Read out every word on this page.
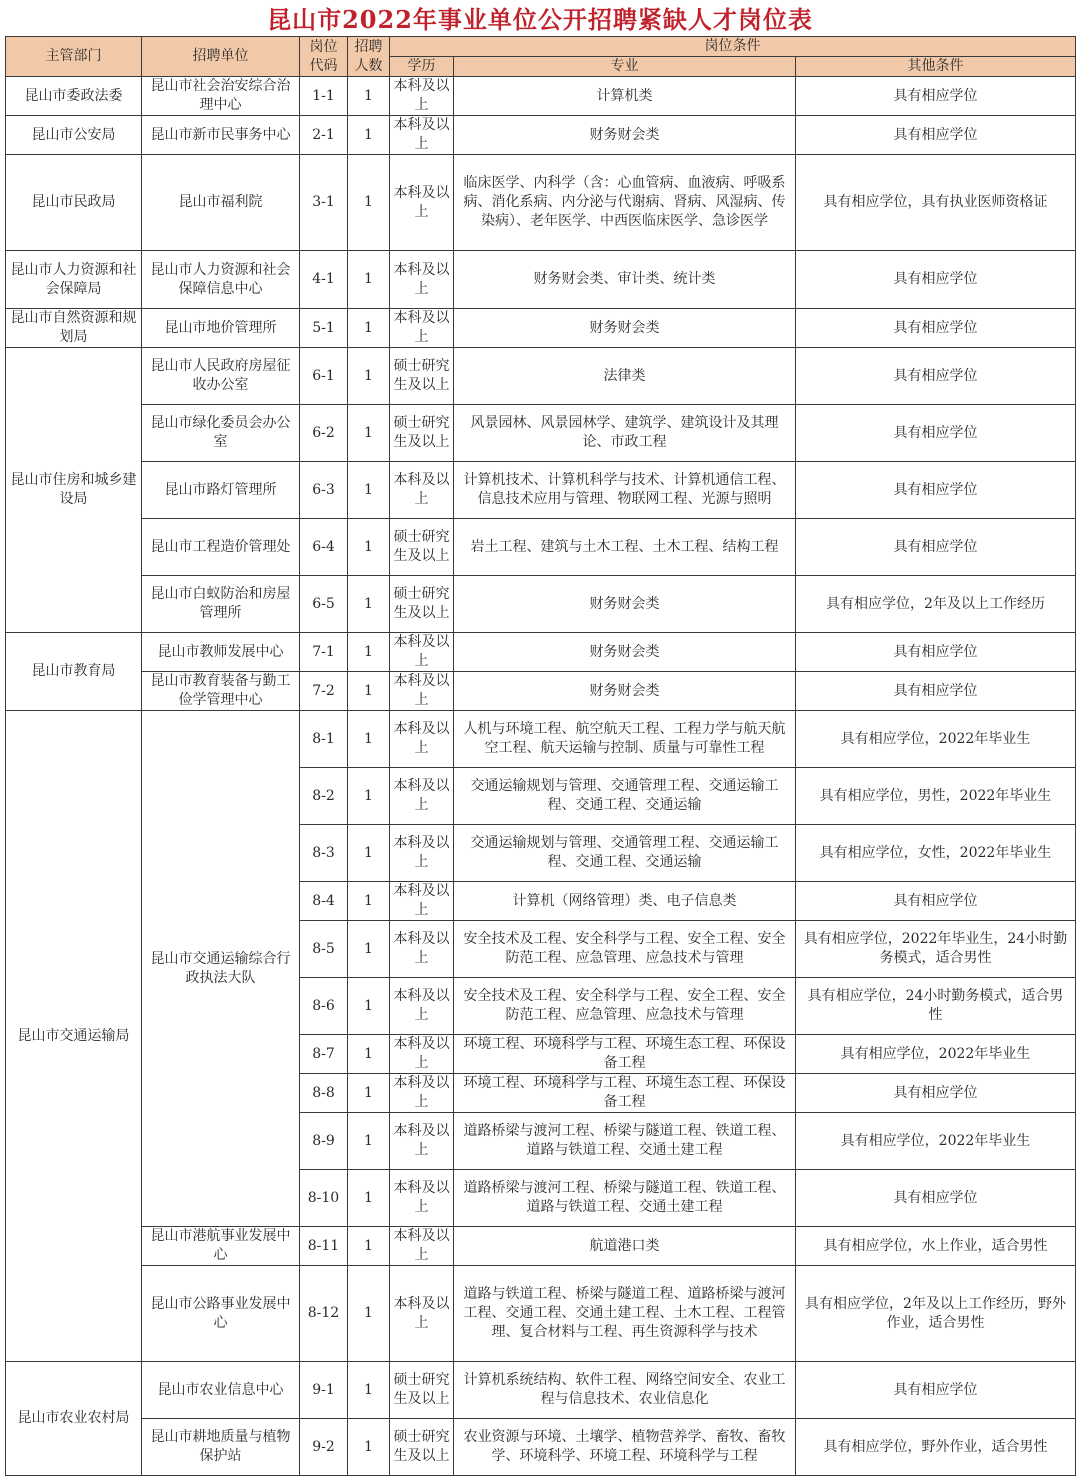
昆山市2022年事业单位公开招聘紧缺人才岗位表
主管部门	招聘单位	岗位代码	招聘人数	岗位条件		
				学历	专业	其他条件
昆山市委政法委	昆山市社会治安综合治理中心	1-1	1	本科及以上	计算机类	具有相应学位
昆山市公安局	昆山市新市民事务中心	2-1	1	本科及以上	财务财会类	具有相应学位
昆山市民政局	昆山市福利院	3-1	1	本科及以上	临床医学、内科学（含：心血管病、血液病、呼吸系病、消化系病、内分泌与代谢病、肾病、风湿病、传染病）、老年医学、中西医临床医学、急诊医学	具有相应学位，具有执业医师资格证
昆山市人力资源和社会保障局	昆山市人力资源和社会保障信息中心	4-1	1	本科及以上	财务财会类、审计类、统计类	具有相应学位
昆山市自然资源和规划局	昆山市地价管理所	5-1	1	本科及以上	财务财会类	具有相应学位
昆山市住房和城乡建设局	昆山市人民政府房屋征收办公室	6-1	1	硕士研究生及以上	法律类	具有相应学位
	昆山市绿化委员会办公室	6-2	1	硕士研究生及以上	风景园林、风景园林学、建筑学、建筑设计及其理论、市政工程	具有相应学位
	昆山市路灯管理所	6-3	1	本科及以上	计算机技术、计算机科学与技术、计算机通信工程、信息技术应用与管理、物联网工程、光源与照明	具有相应学位
	昆山市工程造价管理处	6-4	1	硕士研究生及以上	岩土工程、建筑与土木工程、土木工程、结构工程	具有相应学位
	昆山市白蚁防治和房屋管理所	6-5	1	硕士研究生及以上	财务财会类	具有相应学位，2年及以上工作经历
昆山市教育局	昆山市教师发展中心	7-1	1	本科及以上	财务财会类	具有相应学位
	昆山市教育装备与勤工俭学管理中心	7-2	1	本科及以上	财务财会类	具有相应学位
昆山市交通运输局	昆山市交通运输综合行政执法大队	8-1	1	本科及以上	人机与环境工程、航空航天工程、工程力学与航天航空工程、航天运输与控制、质量与可靠性工程	具有相应学位，2022年毕业生
		8-2	1	本科及以上	交通运输规划与管理、交通管理工程、交通运输工程、交通工程、交通运输	具有相应学位，男性，2022年毕业生
		8-3	1	本科及以上	交通运输规划与管理、交通管理工程、交通运输工程、交通工程、交通运输	具有相应学位，女性，2022年毕业生
		8-4	1	本科及以上	计算机（网络管理）类、电子信息类	具有相应学位
		8-5	1	本科及以上	安全技术及工程、安全科学与工程、安全工程、安全防范工程、应急管理、应急技术与管理	具有相应学位，2022年毕业生，24小时勤务模式，适合男性
		8-6	1	本科及以上	安全技术及工程、安全科学与工程、安全工程、安全防范工程、应急管理、应急技术与管理	具有相应学位，24小时勤务模式，适合男性
		8-7	1	本科及以上	环境工程、环境科学与工程、环境生态工程、环保设备工程	具有相应学位，2022年毕业生
		8-8	1	本科及以上	环境工程、环境科学与工程、环境生态工程、环保设备工程	具有相应学位
		8-9	1	本科及以上	道路桥梁与渡河工程、桥梁与隧道工程、铁道工程、道路与铁道工程、交通土建工程	具有相应学位，2022年毕业生
		8-10	1	本科及以上	道路桥梁与渡河工程、桥梁与隧道工程、铁道工程、道路与铁道工程、交通土建工程	具有相应学位
	昆山市港航事业发展中心	8-11	1	本科及以上	航道港口类	具有相应学位，水上作业，适合男性
	昆山市公路事业发展中心	8-12	1	本科及以上	道路与铁道工程、桥梁与隧道工程、道路桥梁与渡河工程、交通工程、交通土建工程、土木工程、工程管理、复合材料与工程、再生资源科学与技术	具有相应学位，2年及以上工作经历，野外作业，适合男性
昆山市农业农村局	昆山市农业信息中心	9-1	1	硕士研究生及以上	计算机系统结构、软件工程、网络空间安全、农业工程与信息技术、农业信息化	具有相应学位
	昆山市耕地质量与植物保护站	9-2	1	硕士研究生及以上	农业资源与环境、土壤学、植物营养学、畜牧、畜牧学、环境科学、环境工程、环境科学与工程	具有相应学位，野外作业，适合男性
